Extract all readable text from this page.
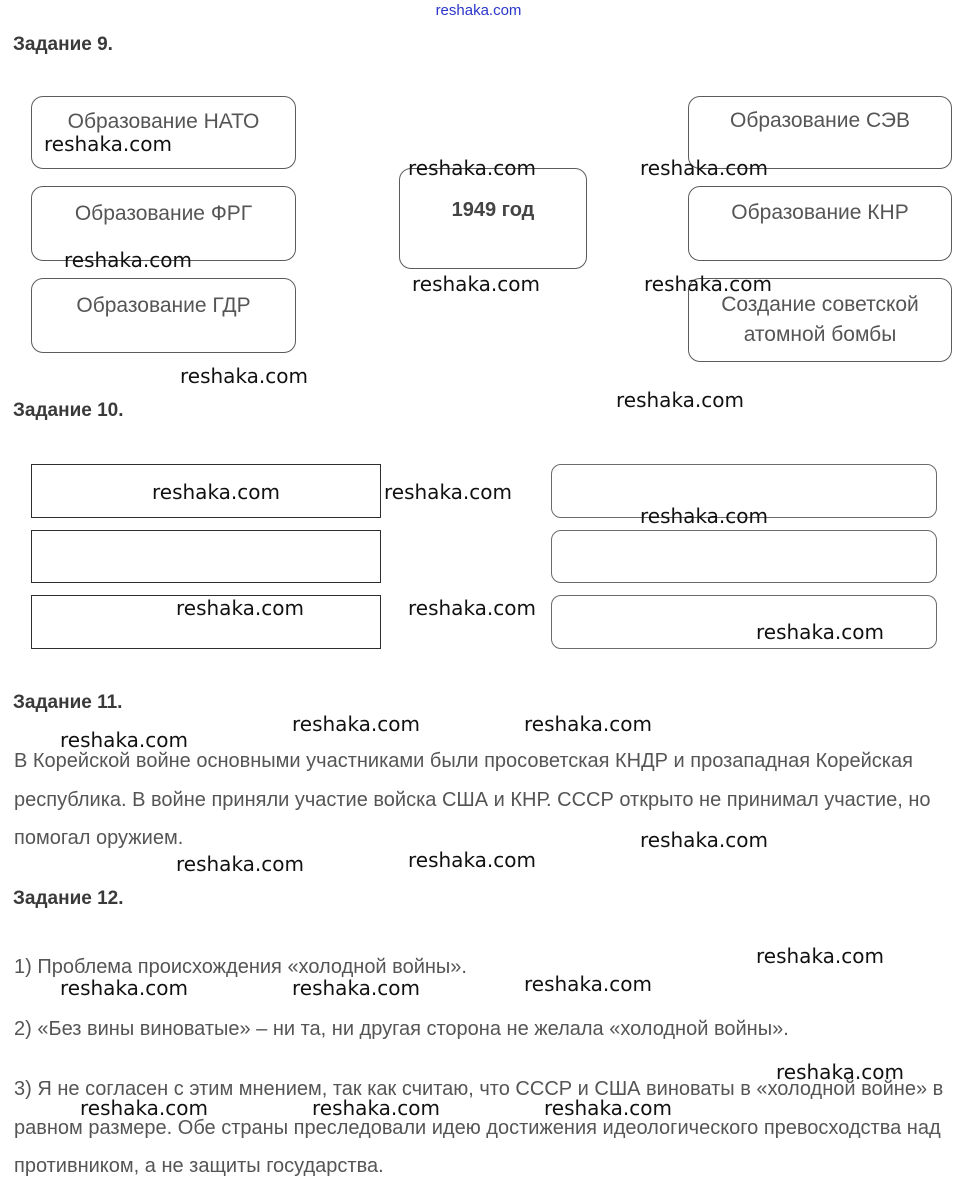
reshaka.com
Задание 9.
Образование НАТО
Образование ФРГ
Образование ГДР
1949 год
Образование СЭВ
Образование КНР
Создание советской
атомной бомбы
Задание 10.
Задание 11.

В Корейской войне основными участниками были просоветская КНДР и прозападная Корейская республика. В войне приняли участие войска США и КНР. СССР открыто не принимал участие, но помогал оружием.

Задание 12.

1) Проблема происхождения «холодной войны».

2) «Без вины виноватые» – ни та, ни другая сторона не желала «холодной войны».

3) Я не согласен с этим мнением, так как считаю, что СССР и США виноваты в «холодной войне» в равном размере. Обе страны преследовали идею достижения идеологического превосходства над противником, а не защиты государства.

reshaka.com
reshaka.com	reshaka.com
reshaka.com
reshaka.com	reshaka.com
reshaka.com
reshaka.com
reshaka.com	reshaka.com
reshaka.com
reshaka.com	reshaka.com
reshaka.com
reshaka.com	reshaka.com
reshaka.com
reshaka.com
reshaka.com
reshaka.com
reshaka.com
reshaka.com
reshaka.com	reshaka.com
reshaka.com
reshaka.com	reshaka.com	reshaka.com
